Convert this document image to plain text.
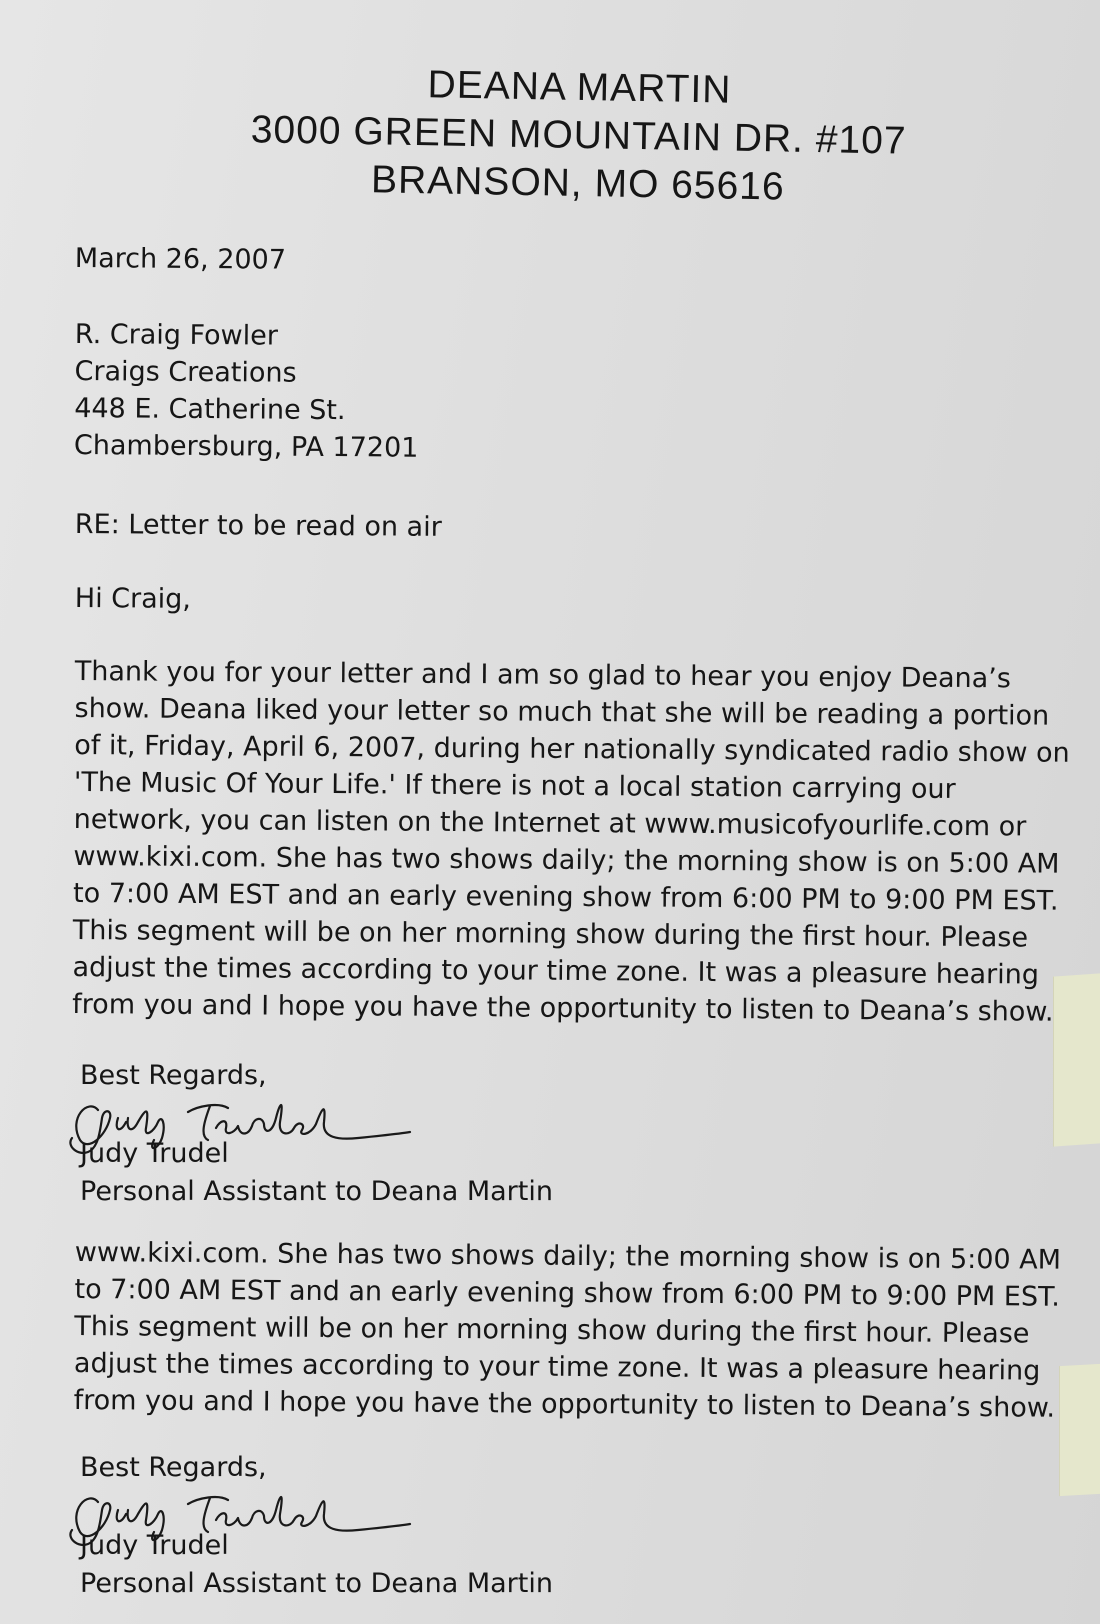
DEANA MARTIN
3000 GREEN MOUNTAIN DR. #107
BRANSON, MO 65616
March 26, 2007
R. Craig Fowler
Craigs Creations
448 E. Catherine St.
Chambersburg, PA 17201
RE: Letter to be read on air
Hi Craig,
Thank you for your letter and I am so glad to hear you enjoy Deana’s
show. Deana liked your letter so much that she will be reading a portion
of it, Friday, April 6, 2007, during her nationally syndicated radio show on
'The Music Of Your Life.' If there is not a local station carrying our
network, you can listen on the Internet at www.musicofyourlife.com or
www.kixi.com. She has two shows daily; the morning show is on 5:00 AM
to 7:00 AM EST and an early evening show from 6:00 PM to 9:00 PM EST.
This segment will be on her morning show during the first hour. Please
adjust the times according to your time zone. It was a pleasure hearing
from you and I hope you have the opportunity to listen to Deana’s show.
Best Regards,
Judy Trudel
Personal Assistant to Deana Martin
www.kixi.com. She has two shows daily; the morning show is on 5:00 AM
to 7:00 AM EST and an early evening show from 6:00 PM to 9:00 PM EST.
This segment will be on her morning show during the first hour. Please
adjust the times according to your time zone. It was a pleasure hearing
from you and I hope you have the opportunity to listen to Deana’s show.
Best Regards,
Judy Trudel
Personal Assistant to Deana Martin
